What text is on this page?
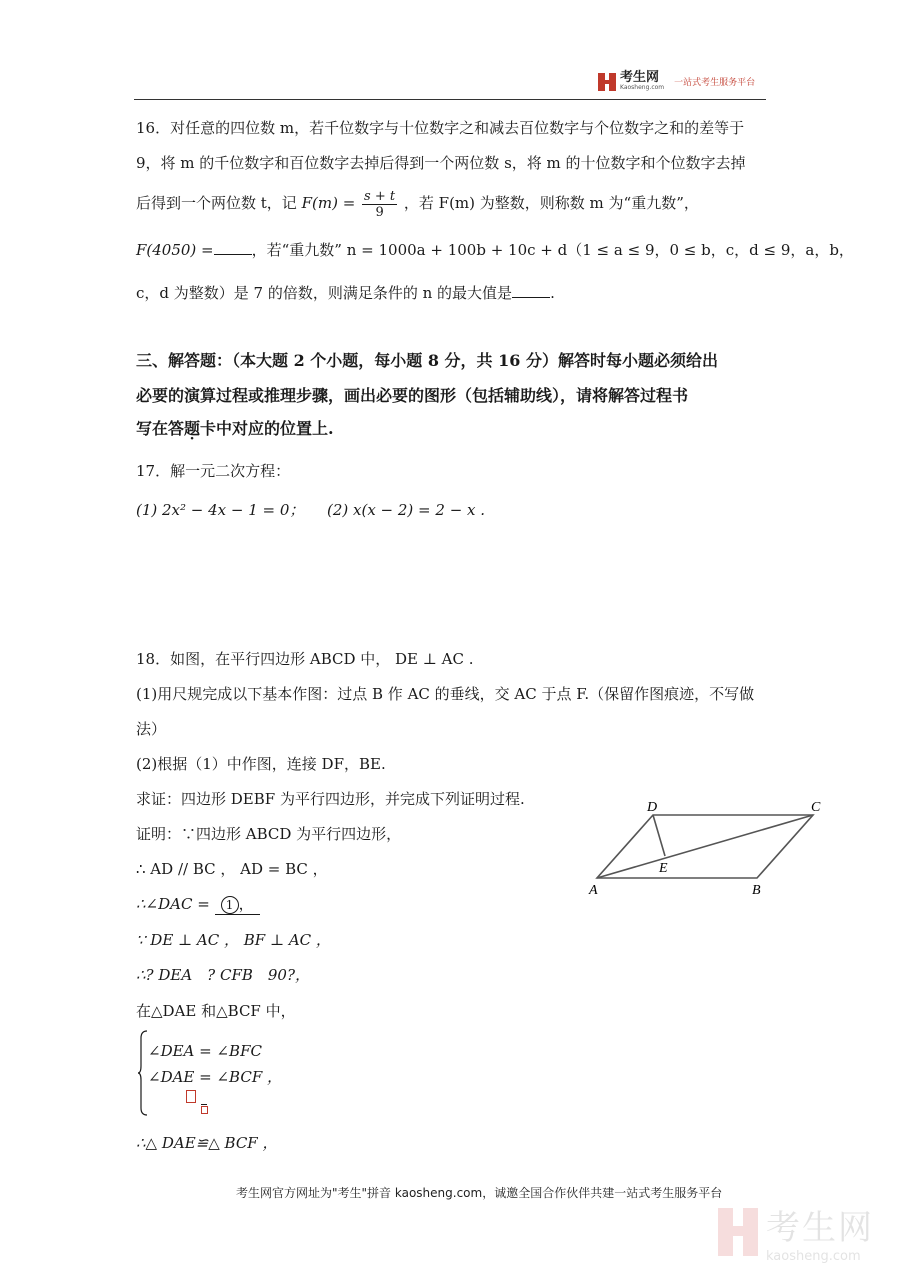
考生网
Kaosheng.com 一站式考生服务平台
16．对任意的四位数 m，若千位数字与十位数字之和减去百位数字与个位数字之和的差等于
9，将 m 的千位数字和百位数字去掉后得到一个两位数 s，将 m 的十位数字和个位数字去掉
后得到一个两位数 t，记 $F(m) = \frac{s + t}{9}$ ，若 F(m) 为整数，则称数 m 为“重九数”，
F(4050) =	，若“重九数” n = 1000a + 100b + 10c + d（1 ≤ a ≤ 9，0 ≤ b，c，d ≤ 9，a，b，
c，d 为整数）是 7 的倍数，则满足条件的 n 的最大值是	.
三、解答题：（本大题 2 个小题，每小题 8 分，共 16 分）解答时每小题必须给出
必要的演算过程或推理步骤，画出必要的图形（包括辅助线），请将解答过程书
写在答题卡中对应的位置上.
17．解一元二次方程：
(1) 2x² − 4x − 1 = 0； (2) x(x − 2) = 2 − x .
18．如图，在平行四边形 ABCD 中， DE ⊥ AC .
(1)用尺规完成以下基本作图：过点 B 作 AC 的垂线，交 AC 于点 F.（保留作图痕迹，不写做
法）
(2)根据（1）中作图，连接 DF，BE.
求证：四边形 DEBF 为平行四边形，并完成下列证明过程.
证明：∵四边形 ABCD 为平行四边形，
∴ AD // BC ， AD = BC ，
∴∠DAC = 1 ，
∵ DE ⊥ AC ， BF ⊥ AC ，
∴? DEA　? CFB　90?，
在△DAE 和△BCF 中，
∠DEA = ∠BFC
∠DAE = ∠BCF ，
∴△ DAE≌△ BCF ，
A	B
C
D
E
考生网官方网址为"考生"拼音 kaosheng.com，诚邀全国合作伙伴共建一站式考生服务平台
考生网
kaosheng.com
